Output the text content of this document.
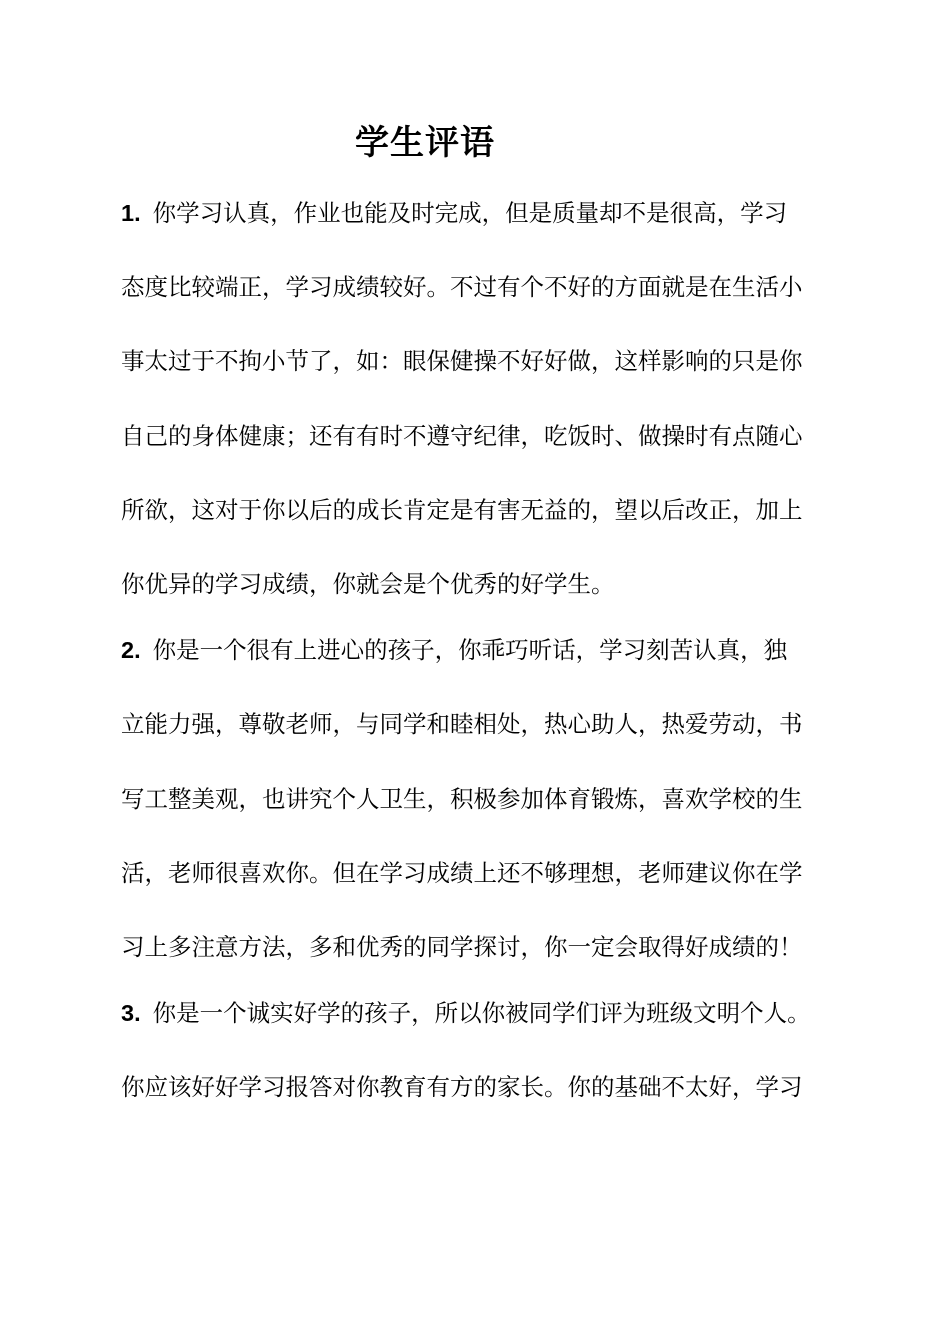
学生评语
1. 你学习认真，作业也能及时完成，但是质量却不是很高，学习
态度比较端正，学习成绩较好。不过有个不好的方面就是在生活小
事太过于不拘小节了，如：眼保健操不好好做，这样影响的只是你
自己的身体健康；还有有时不遵守纪律，吃饭时、做操时有点随心
所欲，这对于你以后的成长肯定是有害无益的，望以后改正，加上
你优异的学习成绩，你就会是个优秀的好学生。
2. 你是一个很有上进心的孩子，你乖巧听话，学习刻苦认真，独
立能力强，尊敬老师，与同学和睦相处，热心助人，热爱劳动，书
写工整美观，也讲究个人卫生，积极参加体育锻炼，喜欢学校的生
活，老师很喜欢你。但在学习成绩上还不够理想，老师建议你在学
习上多注意方法，多和优秀的同学探讨，你一定会取得好成绩的！
3. 你是一个诚实好学的孩子，所以你被同学们评为班级文明个人。
你应该好好学习报答对你教育有方的家长。你的基础不太好，学习
